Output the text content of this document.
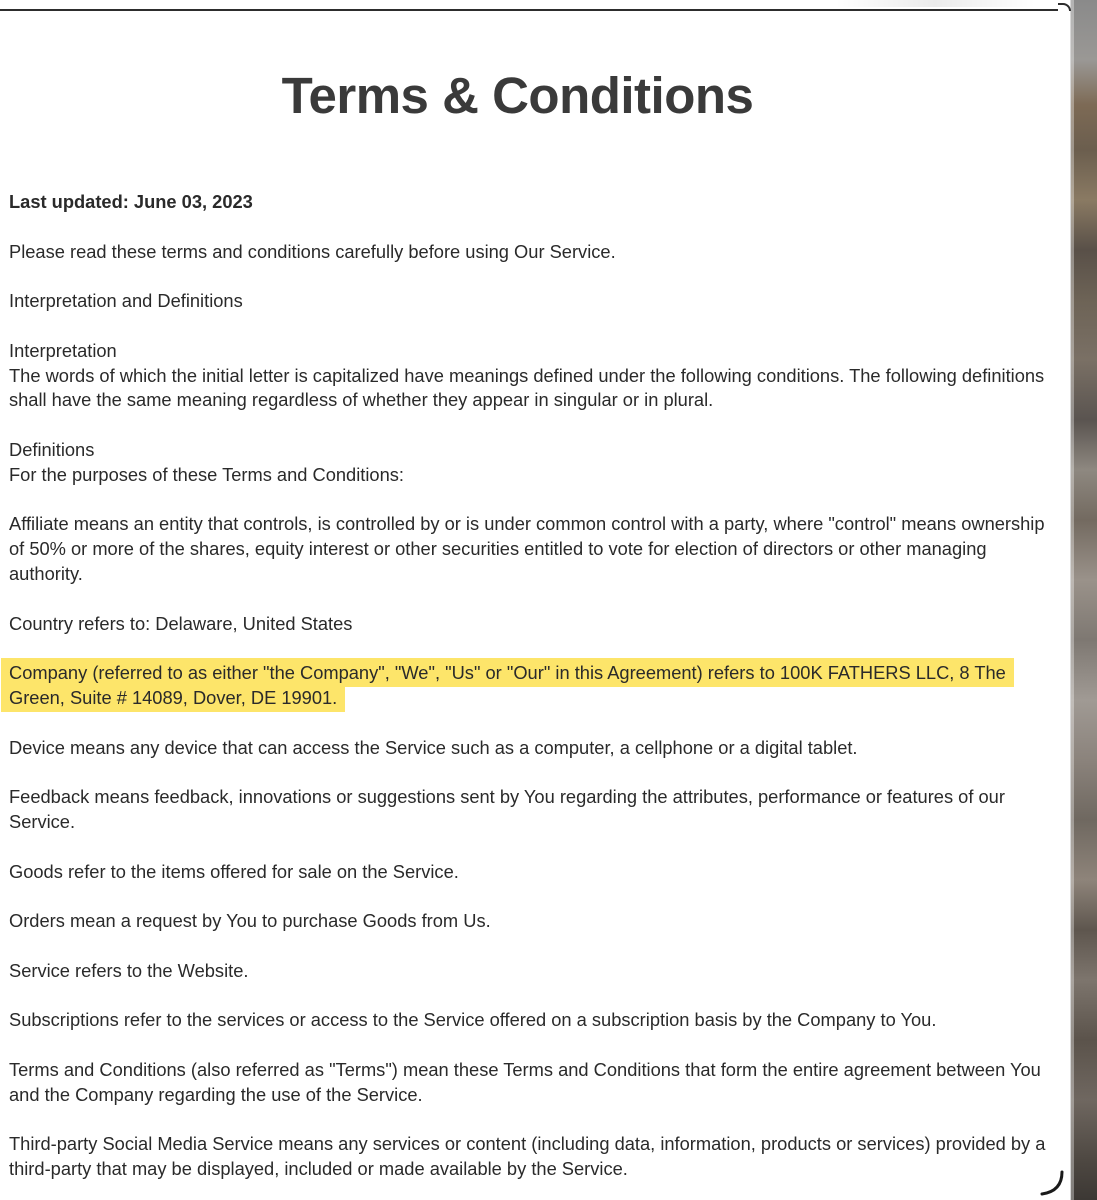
Terms & Conditions

Last updated: June 03, 2023

Please read these terms and conditions carefully before using Our Service.

Interpretation and Definitions

Interpretation

The words of which the initial letter is capitalized have meanings defined under the following conditions. The following definitions shall have the same meaning regardless of whether they appear in singular or in plural.

Definitions

For the purposes of these Terms and Conditions:

Affiliate means an entity that controls, is controlled by or is under common control with a party, where "control" means ownership of 50% or more of the shares, equity interest or other securities entitled to vote for election of directors or other managing authority.

Country refers to: Delaware, United States

Company (referred to as either "the Company", "We", "Us" or "Our" in this Agreement) refers to 100K FATHERS LLC, 8 The Green, Suite # 14089, Dover, DE 19901.

Device means any device that can access the Service such as a computer, a cellphone or a digital tablet.

Feedback means feedback, innovations or suggestions sent by You regarding the attributes, performance or features of our Service.

Goods refer to the items offered for sale on the Service.

Orders mean a request by You to purchase Goods from Us.

Service refers to the Website.

Subscriptions refer to the services or access to the Service offered on a subscription basis by the Company to You.

Terms and Conditions (also referred as "Terms") mean these Terms and Conditions that form the entire agreement between You and the Company regarding the use of the Service.

Third-party Social Media Service means any services or content (including data, information, products or services) provided by a third-party that may be displayed, included or made available by the Service.
